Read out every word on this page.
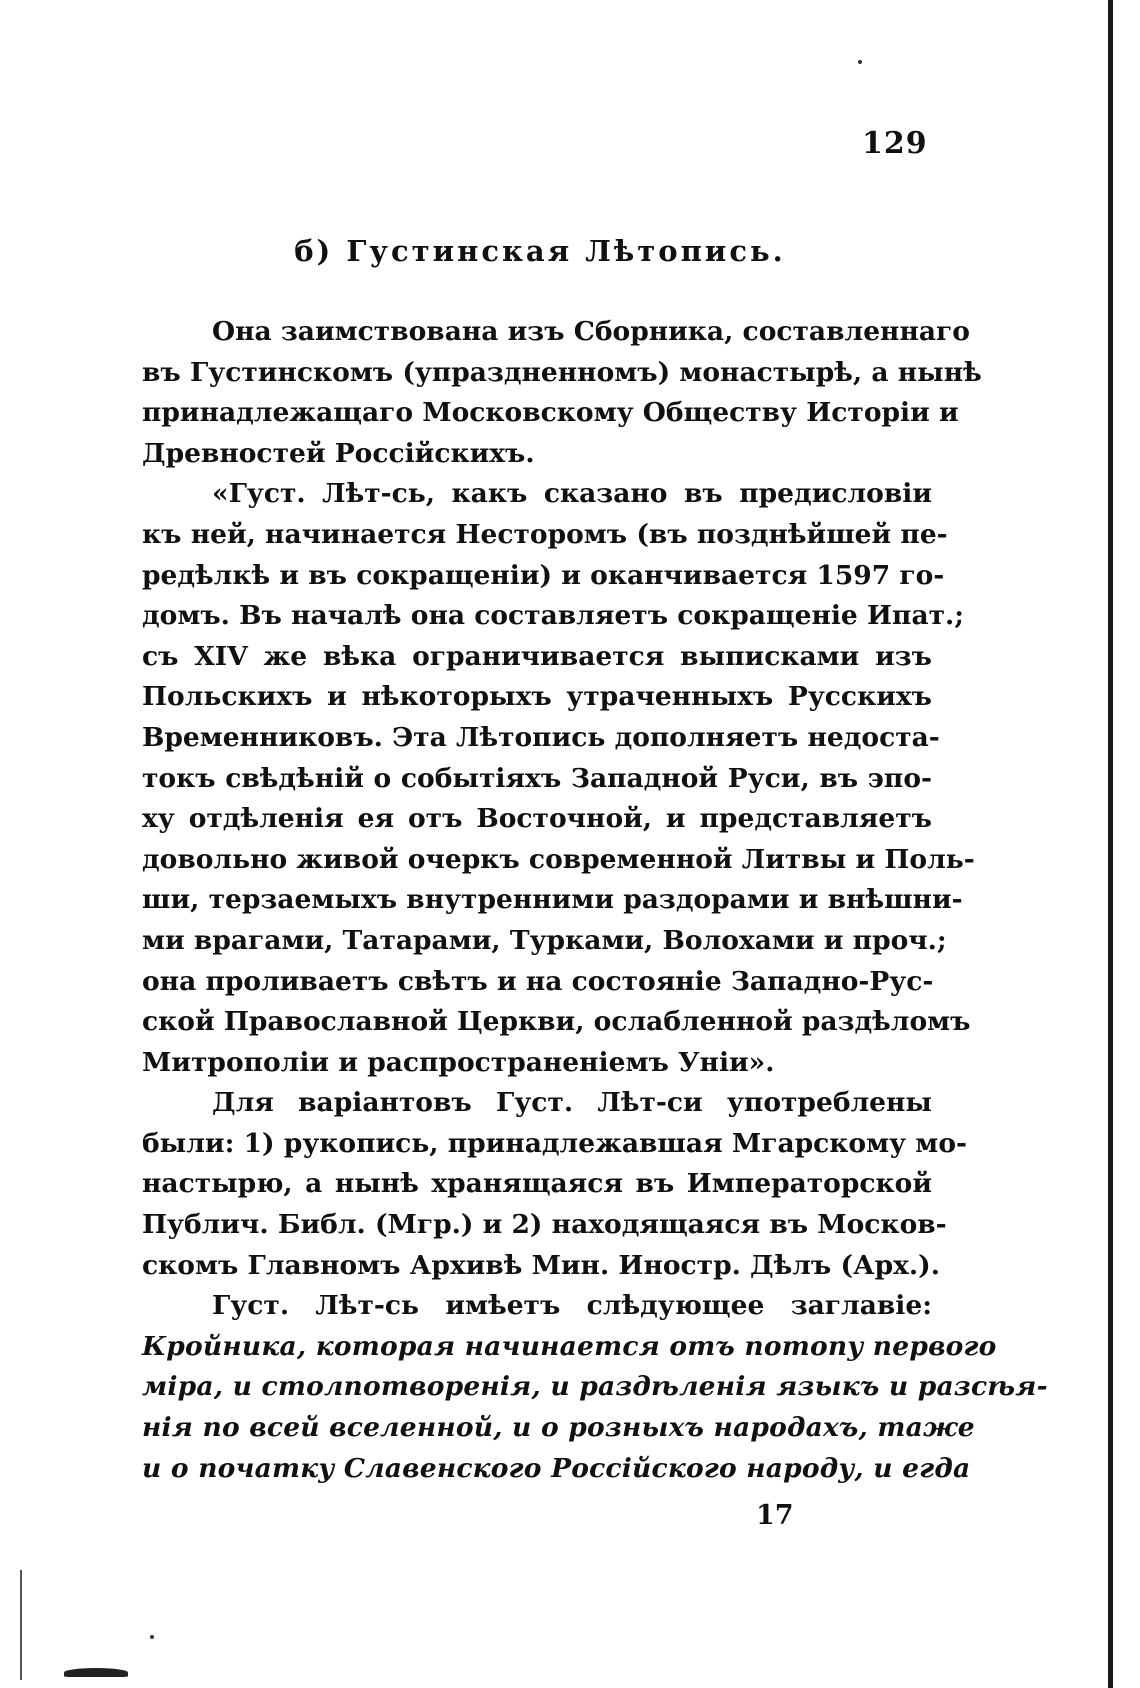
129
б) Густинская Лѣтопись.
Она заимствована изъ Сборника, составленнаго
въ Густинскомъ (упраздненномъ) монастырѣ, а нынѣ
принадлежащаго Московскому Обществу Исторіи и
Древностей Россійскихъ.
«Густ. Лѣт-сь, какъ сказано въ предисловіи
къ ней, начинается Несторомъ (въ позднѣйшей пе-
редѣлкѣ и въ сокращеніи) и оканчивается 1597 го-
домъ. Въ началѣ она составляетъ сокращеніе Ипат.;
съ XIV же вѣка ограничивается выписками изъ
Польскихъ и нѣкоторыхъ утраченныхъ Русскихъ
Временниковъ. Эта Лѣтопись дополняетъ недоста-
токъ свѣдѣній о событіяхъ Западной Руси, въ эпо-
ху отдѣленія ея отъ Восточной, и представляетъ
довольно живой очеркъ современной Литвы и Поль-
ши, терзаемыхъ внутренними раздорами и внѣшни-
ми врагами, Татарами, Турками, Волохами и проч.;
она проливаетъ свѣтъ и на состояніе Западно-Рус-
ской Православной Церкви, ослабленной раздѣломъ
Митрополіи и распространеніемъ Уніи».
Для варіантовъ Густ. Лѣт-си употреблены
были: 1) рукопись, принадлежавшая Мгарскому мо-
настырю, а нынѣ хранящаяся въ Императорской
Публич. Библ. (Мгр.) и 2) находящаяся въ Москов-
скомъ Главномъ Архивѣ Мин. Иностр. Дѣлъ (Арх.).
Густ. Лѣт-сь имѣетъ слѣдующее заглавіе:
Кройника, которая начинается отъ потопу первого
міра, и столпотворенія, и раздѣленія языкъ и разсѣя-
нія по всей вселенной, и о розныхъ народахъ, таже
и о початку Славенского Россійского народу, и егда
17
